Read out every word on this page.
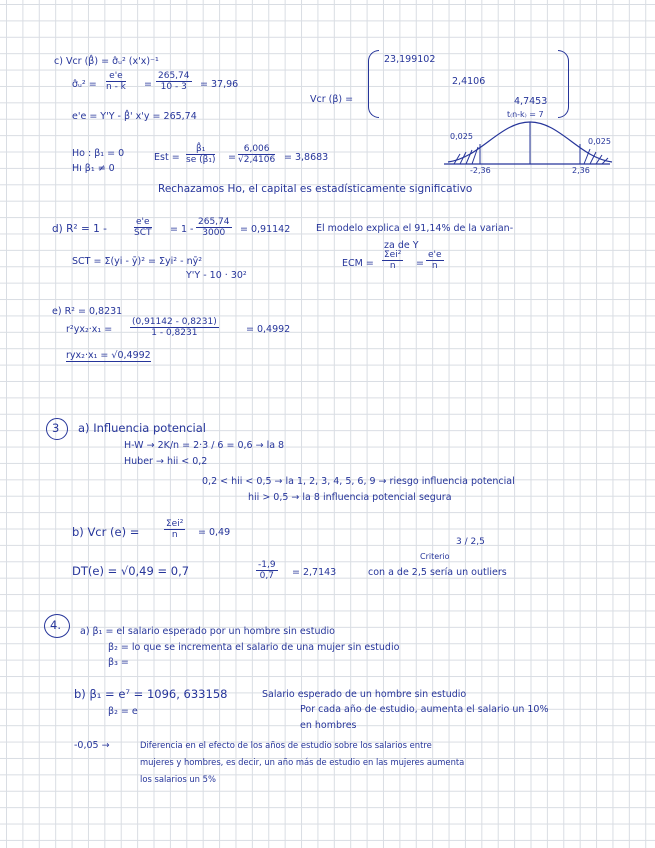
c) Vcr (β̂) = σ̂ᵤ² (x'x)⁻¹
σ̂ᵤ² = $\frac{e'e}{n - k} = \frac{265,74}{10 - 3} = 37,96$
Vcr (β) =
23,199102
2,4106
4,7453
e'e = Y'Y - β̂' x'y = 265,74
Ho : β₁ = 0
Hı β₁ ≠ 0
Est = $\frac{\text{β̂₁}}{\text{se (β₁)}} = \frac{6,006}{√2,4106} = 3,8683$
t₍n-k₎ = 7
0,025
0,025
-2,36	2,36
Rechazamos Ho, el capital es estadísticamente significativo
d) R² = 1 -
e'e
SCT = $1 - \frac{265,74}{3000} = 0,91142$	El modelo explica el 91,14% de la varian-
za de Y
SCT = Σ(yi - ȳ)² = Σyi² - nȳ²
Y'Y - 10 · 30²
ECM =
Σei²
n	= $\frac{e'e}{n}$
e) R² = 0,8231
$r^2yx_2\cdot x_1 = \frac{(0,91142 - 0,8231)}{1 - 0,8231}$	= 0,4992
ryx₂·x₁ = √0,4992
3 a) Influencia potencial
H-W → 2K/n = 2·3 / 6 = 0,6 → la 8
Huber → hii < 0,2
0,2 < hii < 0,5 → la 1, 2, 3, 4, 5, 6, 9 → riesgo influencia potencial
hii > 0,5 → la 8 influencia potencial segura
b) Vcr (e) =
Σei²
n	= 0,49
Criterio
3 / 2,5
DT(e) = √0,49 = 0,7	$\frac{-1,9}{0,7} = 2,7143$	con a de 2,5 sería un outliers
4. a) β₁ = el salario esperado por un hombre sin estudio
β₂ = lo que se incrementa el salario de una mujer sin estudio
β₃ =
b) β₁ = e⁷ = 1096, 633158	Salario esperado de un hombre sin estudio
β₂ = e	Por cada año de estudio, aumenta el salario un 10%
en hombres
-0,05 →	Diferencia en el efecto de los años de estudio sobre los salarios entre
mujeres y hombres, es decir, un año más de estudio en las mujeres aumenta
los salarios un 5%
